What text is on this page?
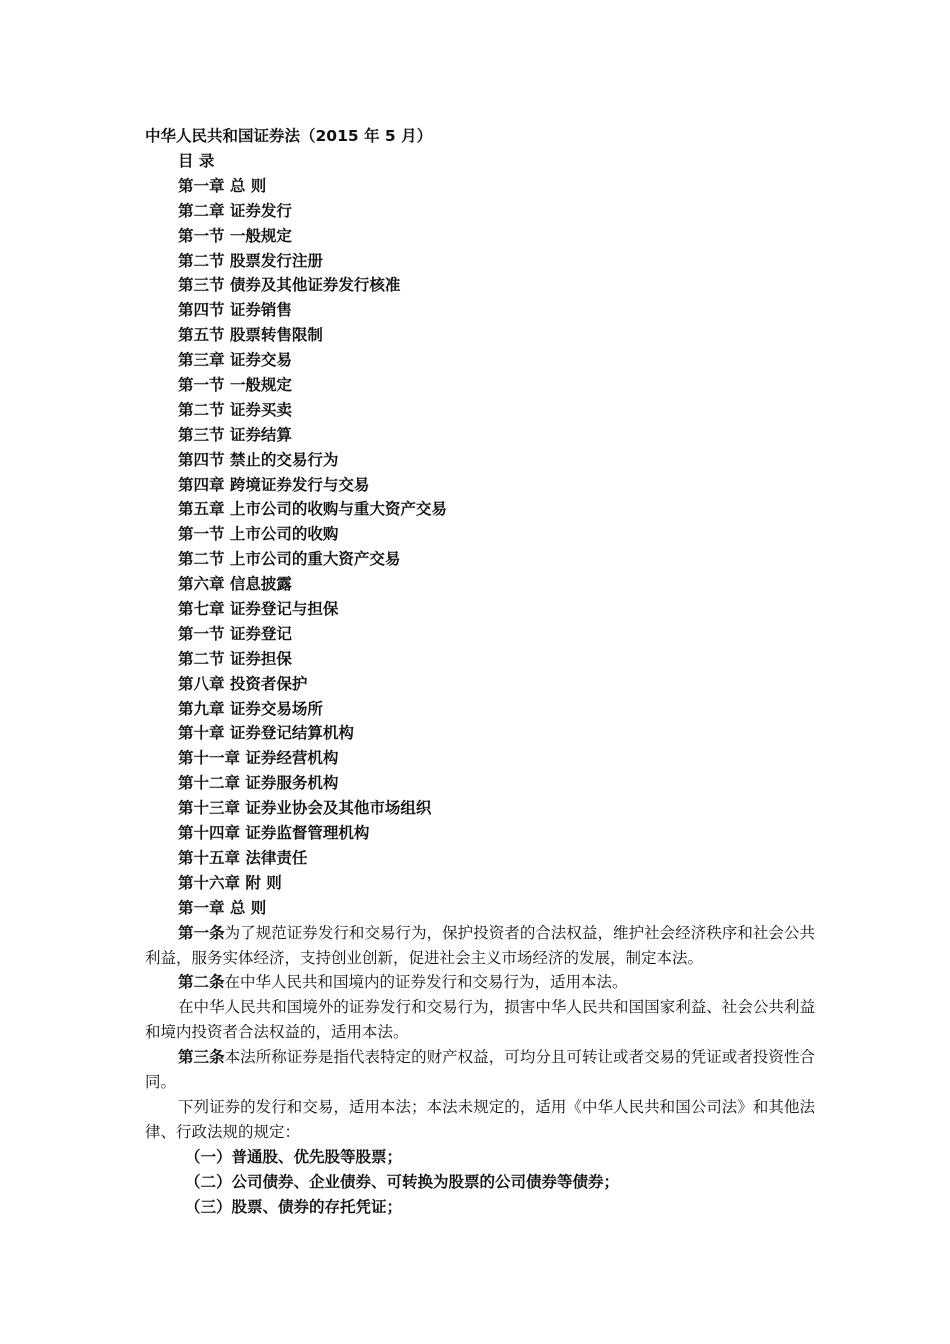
中华人民共和国证券法（2015 年 5 月）
目 录
第一章 总 则
第二章 证券发行
第一节 一般规定
第二节 股票发行注册
第三节 债券及其他证券发行核准
第四节 证券销售
第五节 股票转售限制
第三章 证券交易
第一节 一般规定
第二节 证券买卖
第三节 证券结算
第四节 禁止的交易行为
第四章 跨境证券发行与交易
第五章 上市公司的收购与重大资产交易
第一节 上市公司的收购
第二节 上市公司的重大资产交易
第六章 信息披露
第七章 证券登记与担保
第一节 证券登记
第二节 证券担保
第八章 投资者保护
第九章 证券交易场所
第十章 证券登记结算机构
第十一章 证券经营机构
第十二章 证券服务机构
第十三章 证券业协会及其他市场组织
第十四章 证券监督管理机构
第十五章 法律责任
第十六章 附 则
第一章 总 则

第一条为了规范证券发行和交易行为，保护投资者的合法权益，维护社会经济秩序和社会公共利益，服务实体经济，支持创业创新，促进社会主义市场经济的发展，制定本法。

第二条在中华人民共和国境内的证券发行和交易行为，适用本法。

在中华人民共和国境外的证券发行和交易行为，损害中华人民共和国国家利益、社会公共利益和境内投资者合法权益的，适用本法。

第三条本法所称证券是指代表特定的财产权益，可均分且可转让或者交易的凭证或者投资性合同。

下列证券的发行和交易，适用本法；本法未规定的，适用《中华人民共和国公司法》和其他法律、行政法规的规定：

（一）普通股、优先股等股票；
（二）公司债券、企业债券、可转换为股票的公司债券等债券；
（三）股票、债券的存托凭证；
